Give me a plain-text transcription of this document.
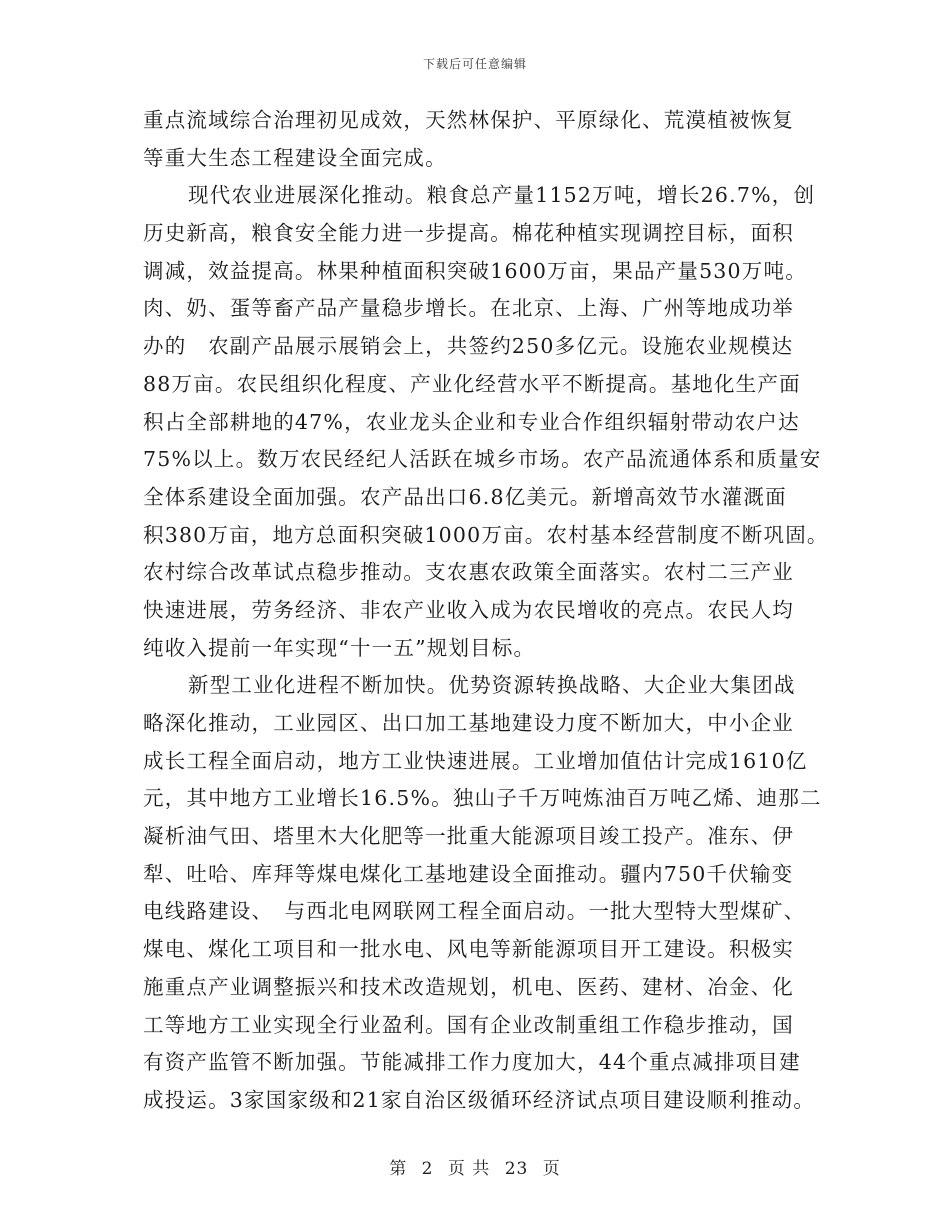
下载后可任意编辑
重点流域综合治理初见成效，天然林保护、平原绿化、荒漠植被恢复
等重大生态工程建设全面完成。
现代农业进展深化推动。粮食总产量1152万吨，增长26.7%，创
历史新高，粮食安全能力进一步提高。棉花种植实现调控目标，面积
调减，效益提高。林果种植面积突破1600万亩，果品产量530万吨。
肉、奶、蛋等畜产品产量稳步增长。在北京、上海、广州等地成功举
办的　农副产品展示展销会上，共签约250多亿元。设施农业规模达
88万亩。农民组织化程度、产业化经营水平不断提高。基地化生产面
积占全部耕地的47%，农业龙头企业和专业合作组织辐射带动农户达
75%以上。数万农民经纪人活跃在城乡市场。农产品流通体系和质量安
全体系建设全面加强。农产品出口6.8亿美元。新增高效节水灌溉面
积380万亩，地方总面积突破1000万亩。农村基本经营制度不断巩固。
农村综合改革试点稳步推动。支农惠农政策全面落实。农村二三产业
快速进展，劳务经济、非农产业收入成为农民增收的亮点。农民人均
纯收入提前一年实现“十一五”规划目标。
新型工业化进程不断加快。优势资源转换战略、大企业大集团战
略深化推动，工业园区、出口加工基地建设力度不断加大，中小企业
成长工程全面启动，地方工业快速进展。工业增加值估计完成1610亿
元，其中地方工业增长16.5%。独山子千万吨炼油百万吨乙烯、迪那二
凝析油气田、塔里木大化肥等一批重大能源项目竣工投产。准东、伊
犁、吐哈、库拜等煤电煤化工基地建设全面推动。疆内750千伏输变
电线路建设、　与西北电网联网工程全面启动。一批大型特大型煤矿、
煤电、煤化工项目和一批水电、风电等新能源项目开工建设。积极实
施重点产业调整振兴和技术改造规划，机电、医药、建材、冶金、化
工等地方工业实现全行业盈利。国有企业改制重组工作稳步推动，国
有资产监管不断加强。节能减排工作力度加大，44个重点减排项目建
成投运。3家国家级和21家自治区级循环经济试点项目建设顺利推动。
第 2 页 共 23 页
